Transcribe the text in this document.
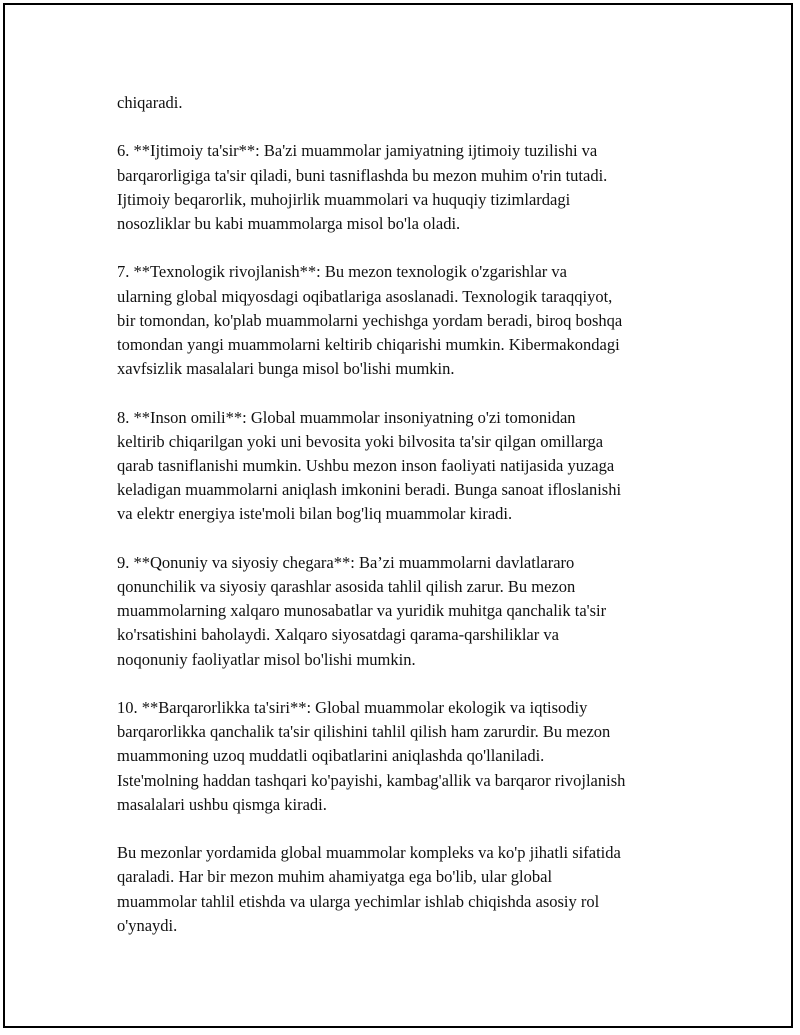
chiqaradi.

6. **Ijtimoiy ta'sir**: Ba'zi muammolar jamiyatning ijtimoiy tuzilishi va
barqarorligiga ta'sir qiladi, buni tasniflashda bu mezon muhim o'rin tutadi.
Ijtimoiy beqarorlik, muhojirlik muammolari va huquqiy tizimlardagi
nosozliklar bu kabi muammolarga misol bo'la oladi.

7. **Texnologik rivojlanish**: Bu mezon texnologik o'zgarishlar va
ularning global miqyosdagi oqibatlariga asoslanadi. Texnologik taraqqiyot,
bir tomondan, ko'plab muammolarni yechishga yordam beradi, biroq boshqa
tomondan yangi muammolarni keltirib chiqarishi mumkin. Kibermakondagi
xavfsizlik masalalari bunga misol bo'lishi mumkin.

8. **Inson omili**: Global muammolar insoniyatning o'zi tomonidan
keltirib chiqarilgan yoki uni bevosita yoki bilvosita ta'sir qilgan omillarga
qarab tasniflanishi mumkin. Ushbu mezon inson faoliyati natijasida yuzaga
keladigan muammolarni aniqlash imkonini beradi. Bunga sanoat ifloslanishi
va elektr energiya iste'moli bilan bog'liq muammolar kiradi.

9. **Qonuniy va siyosiy chegara**: Ba’zi muammolarni davlatlararo
qonunchilik va siyosiy qarashlar asosida tahlil qilish zarur. Bu mezon
muammolarning xalqaro munosabatlar va yuridik muhitga qanchalik ta'sir
ko'rsatishini baholaydi. Xalqaro siyosatdagi qarama-qarshiliklar va
noqonuniy faoliyatlar misol bo'lishi mumkin.

10. **Barqarorlikka ta'siri**: Global muammolar ekologik va iqtisodiy
barqarorlikka qanchalik ta'sir qilishini tahlil qilish ham zarurdir. Bu mezon
muammoning uzoq muddatli oqibatlarini aniqlashda qo'llaniladi.
Iste'molning haddan tashqari ko'payishi, kambag'allik va barqaror rivojlanish
masalalari ushbu qismga kiradi.

Bu mezonlar yordamida global muammolar kompleks va ko'p jihatli sifatida
qaraladi. Har bir mezon muhim ahamiyatga ega bo'lib, ular global
muammolar tahlil etishda va ularga yechimlar ishlab chiqishda asosiy rol
o'ynaydi.
